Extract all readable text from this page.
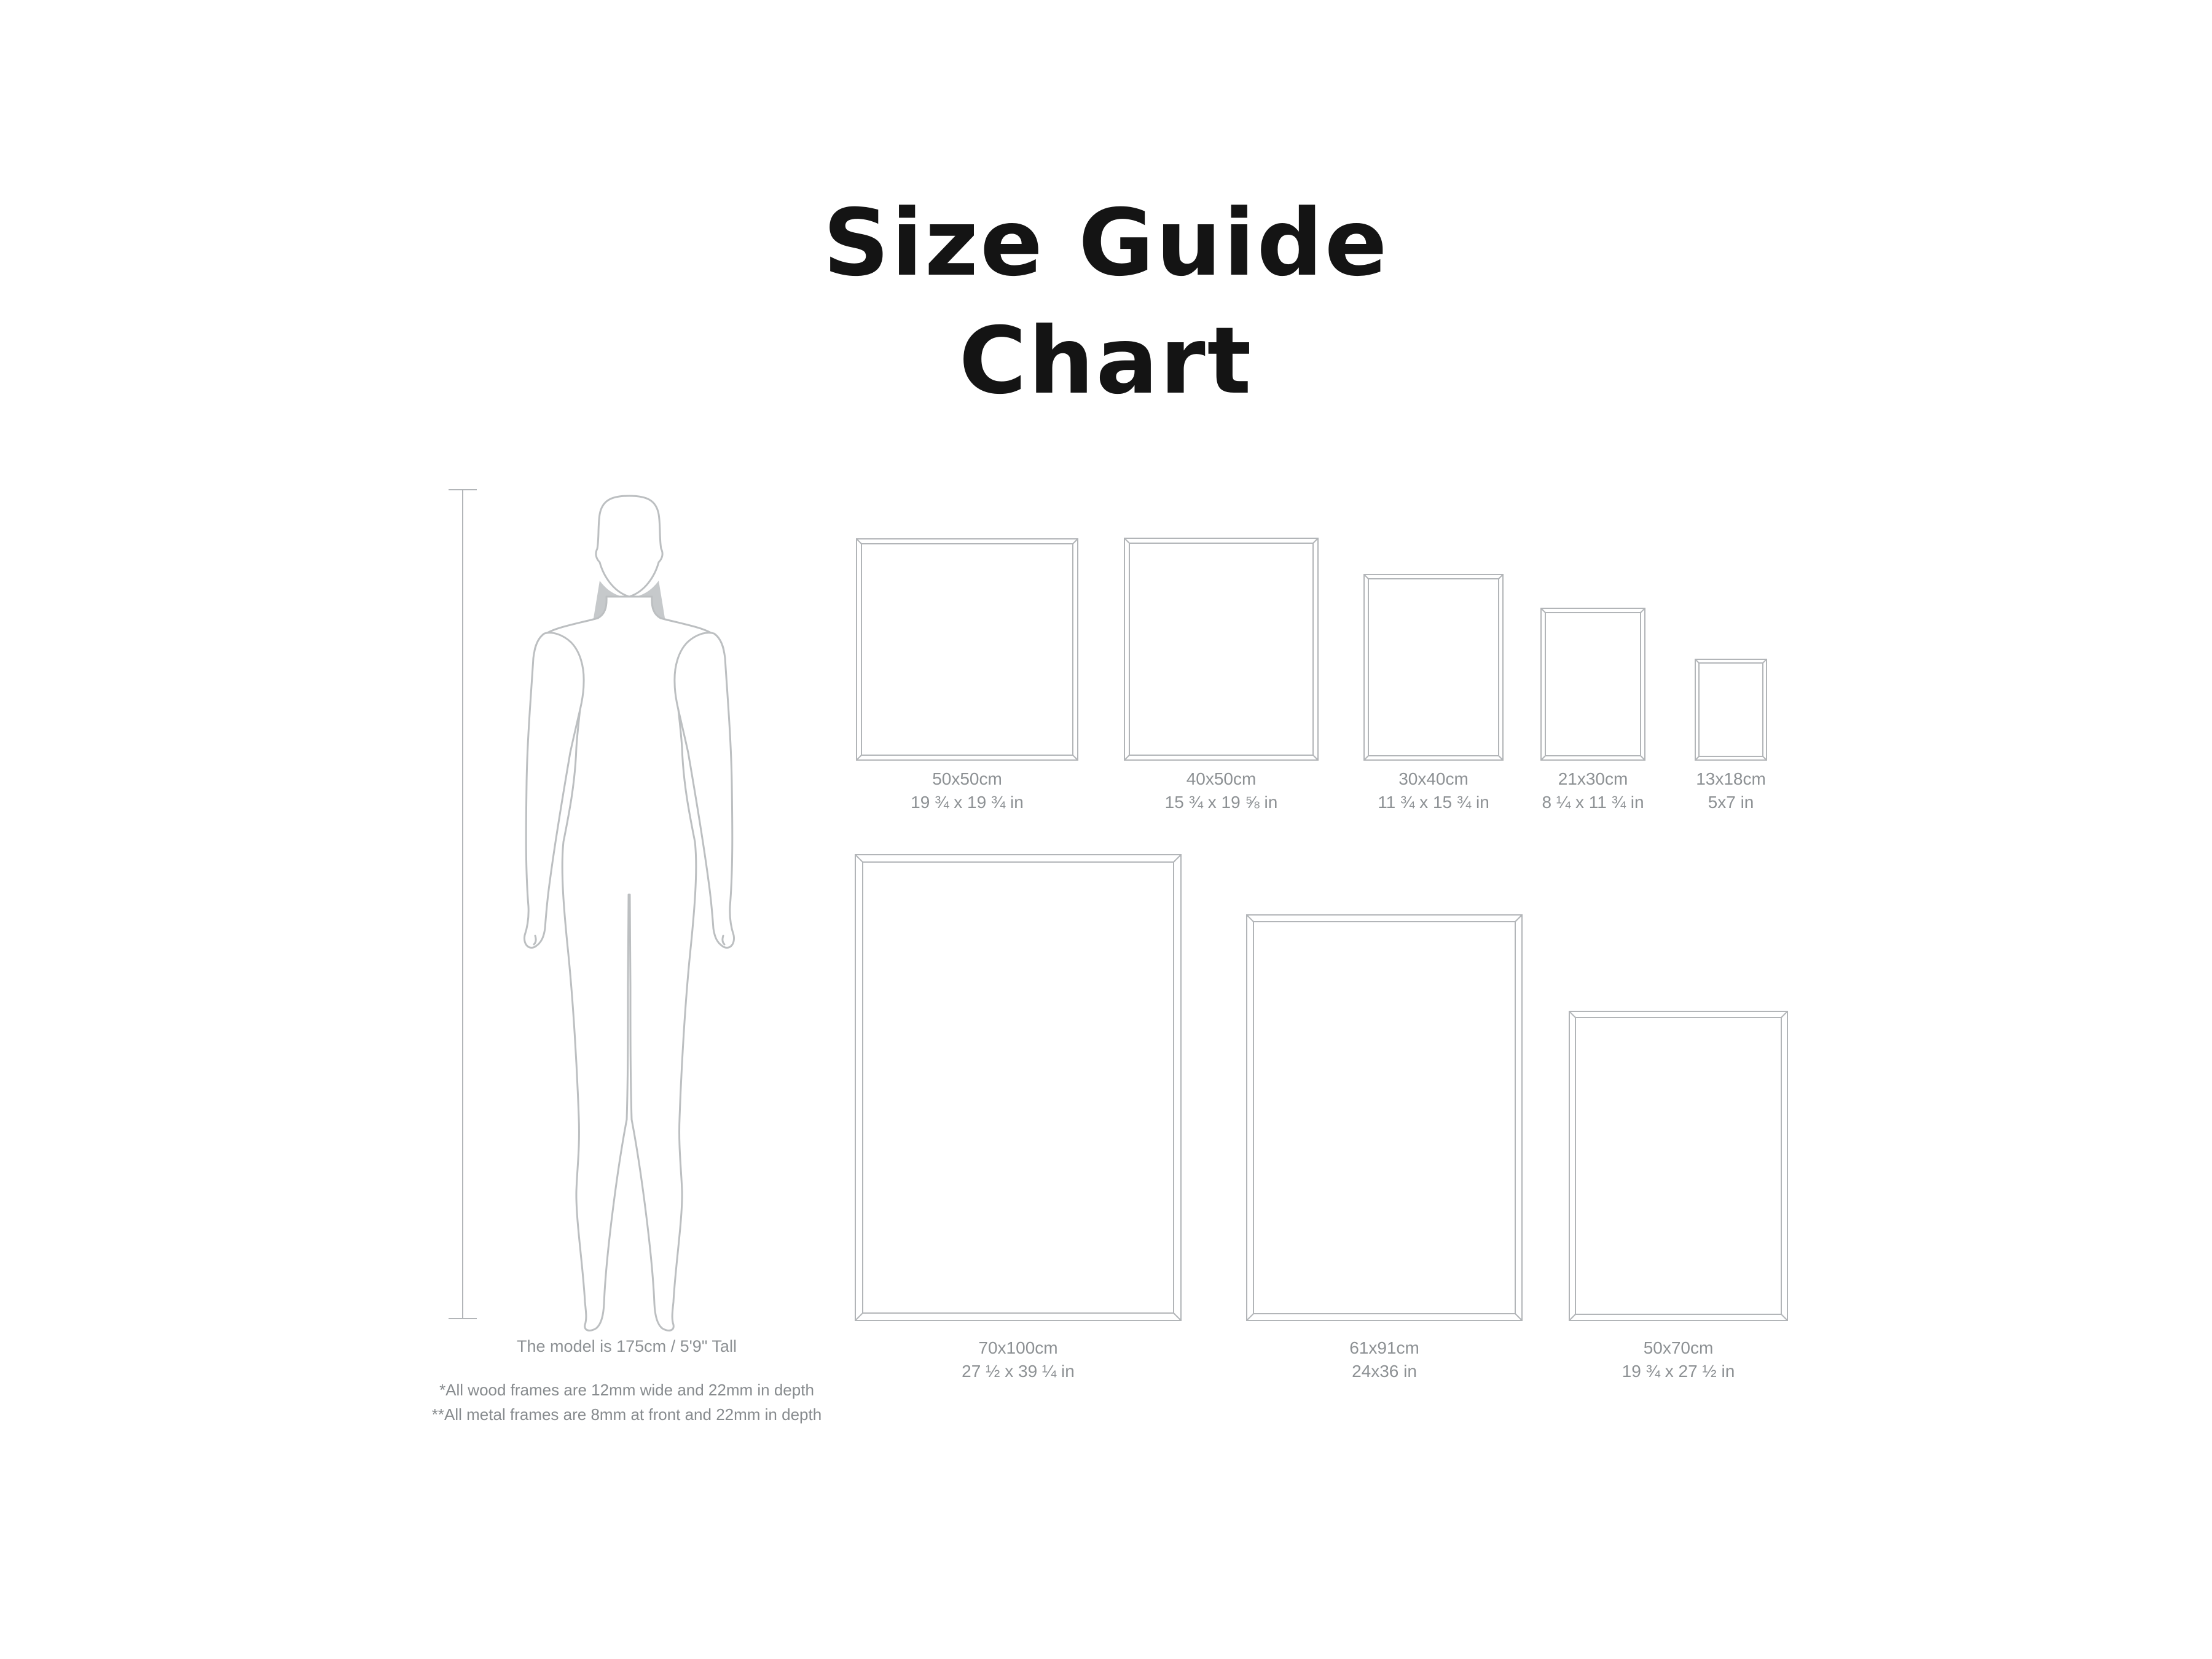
Size Guide
Chart
The model is 175cm / 5'9" Tall
*All wood frames are 12mm wide and 22mm in depth
**All metal frames are 8mm at front and 22mm in depth
50x50cm
19 ¾ x 19 ¾ in
40x50cm
15 ¾ x 19 ⅝ in
30x40cm
11 ¾ x 15 ¾ in
21x30cm
8 ¼ x 11 ¾ in
13x18cm
5x7 in
70x100cm
27 ½ x 39 ¼ in
61x91cm
24x36 in
50x70cm
19 ¾ x 27 ½ in
